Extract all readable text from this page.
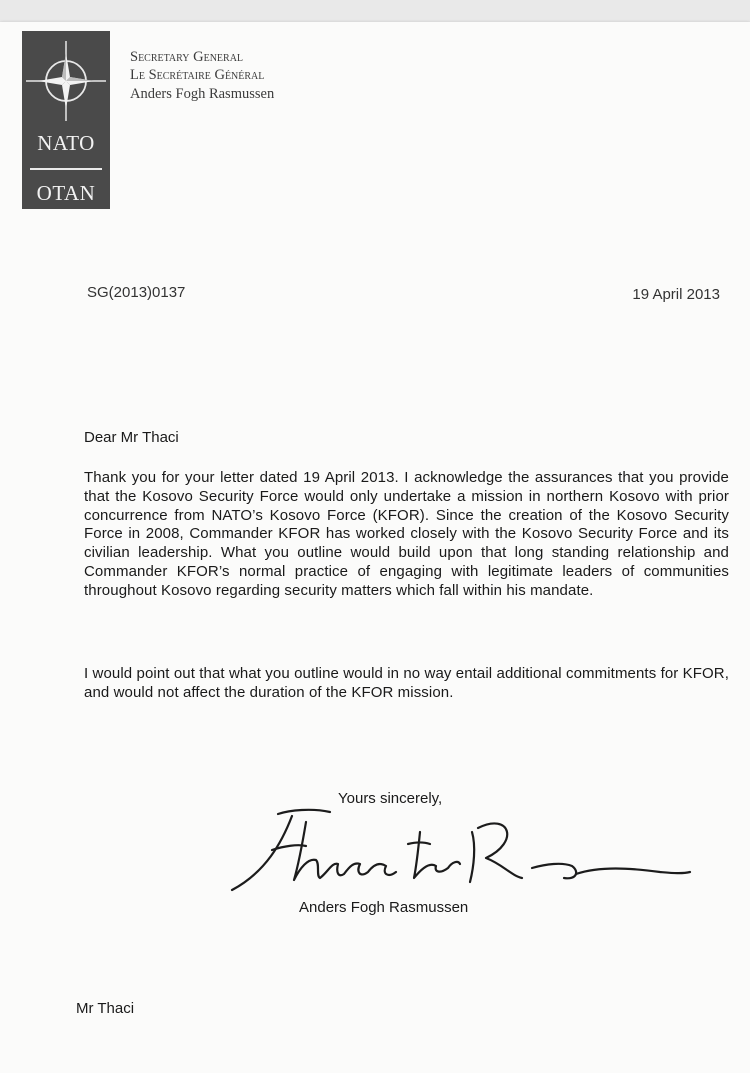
NATO
OTAN
Secretary General
Le Secrétaire Général
Anders Fogh Rasmussen
SG(2013)0137	19 April 2013
Dear Mr Thaci
Thank you for your letter dated 19 April 2013. I acknowledge the assurances that you provide that the Kosovo Security Force would only undertake a mission in northern Kosovo with prior concurrence from NATO’s Kosovo Force (KFOR). Since the creation of the Kosovo Security Force in 2008, Commander KFOR has worked closely with the Kosovo Security Force and its civilian leadership. What you outline would build upon that long standing relationship and Commander KFOR’s normal practice of engaging with legitimate leaders of communities throughout Kosovo regarding security matters which fall within his mandate.
I would point out that what you outline would in no way entail additional commitments for KFOR, and would not affect the duration of the KFOR mission.
Yours sincerely,
Anders Fogh Rasmussen
Mr Thaci
